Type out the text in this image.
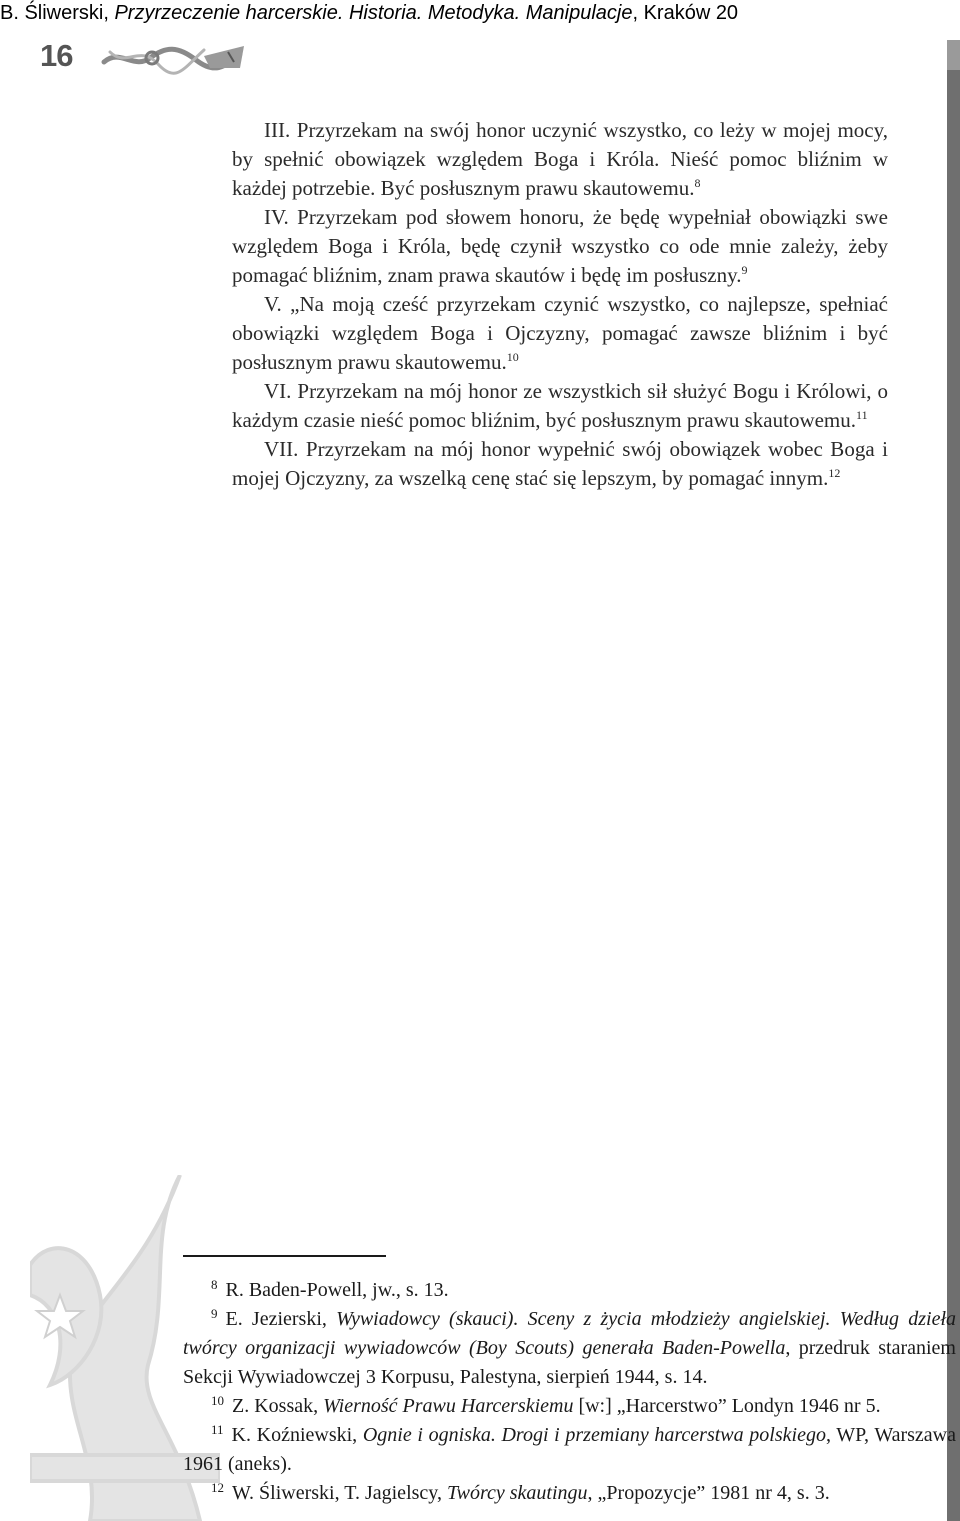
B. Śliwerski, Przyrzeczenie harcerskie. Historia. Metodyka. Manipulacje, Kraków 20
16

III. Przyrzekam na swój honor uczynić wszystko, co leży w mojej mocy, by spełnić obowiązek względem Boga i Króla. Nieść pomoc bliźnim w każdej potrzebie. Być posłusznym prawu skautowemu.$^8$

IV. Przyrzekam pod słowem honoru, że będę wypełniał obowiązki swe względem Boga i Króla, będę czynił wszystko co ode mnie zależy, żeby pomagać bliźnim, znam prawa skautów i będę im posłuszny.$^9$

V. „Na moją cześć przyrzekam czynić wszystko, co najlepsze, spełniać obowiązki względem Boga i Ojczyzny, pomagać zawsze bliźnim i być posłusznym prawu skautowemu.$^{10}$

VI. Przyrzekam na mój honor ze wszystkich sił służyć Bogu i Królowi, o każdym czasie nieść pomoc bliźnim, być posłusznym prawu skautowemu.$^{11}$

VII. Przyrzekam na mój honor wypełnić swój obowiązek wobec Boga i mojej Ojczyzny, za wszelką cenę stać się lepszym, by pomagać innym.$^{12}$

$^8$ R. Baden-Powell, jw., s. 13.

$^9$ E. Jezierski, Wywiadowcy (skauci). Sceny z życia młodzieży angielskiej. Według dzieła twórcy organizacji wywiadowców (Boy Scouts) generała Baden-Powella, przedruk staraniem Sekcji Wywiadowczej 3 Korpusu, Palestyna, sierpień 1944, s. 14.

$^{10}$ Z. Kossak, Wierność Prawu Harcerskiemu [w:] „Harcerstwo” Londyn 1946 nr 5.

$^{11}$ K. Koźniewski, Ognie i ogniska. Drogi i przemiany harcerstwa polskiego, WP, Warszawa 1961 (aneks).

$^{12}$ W. Śliwerski, T. Jagielscy, Twórcy skautingu, „Propozycje” 1981 nr 4, s. 3.
